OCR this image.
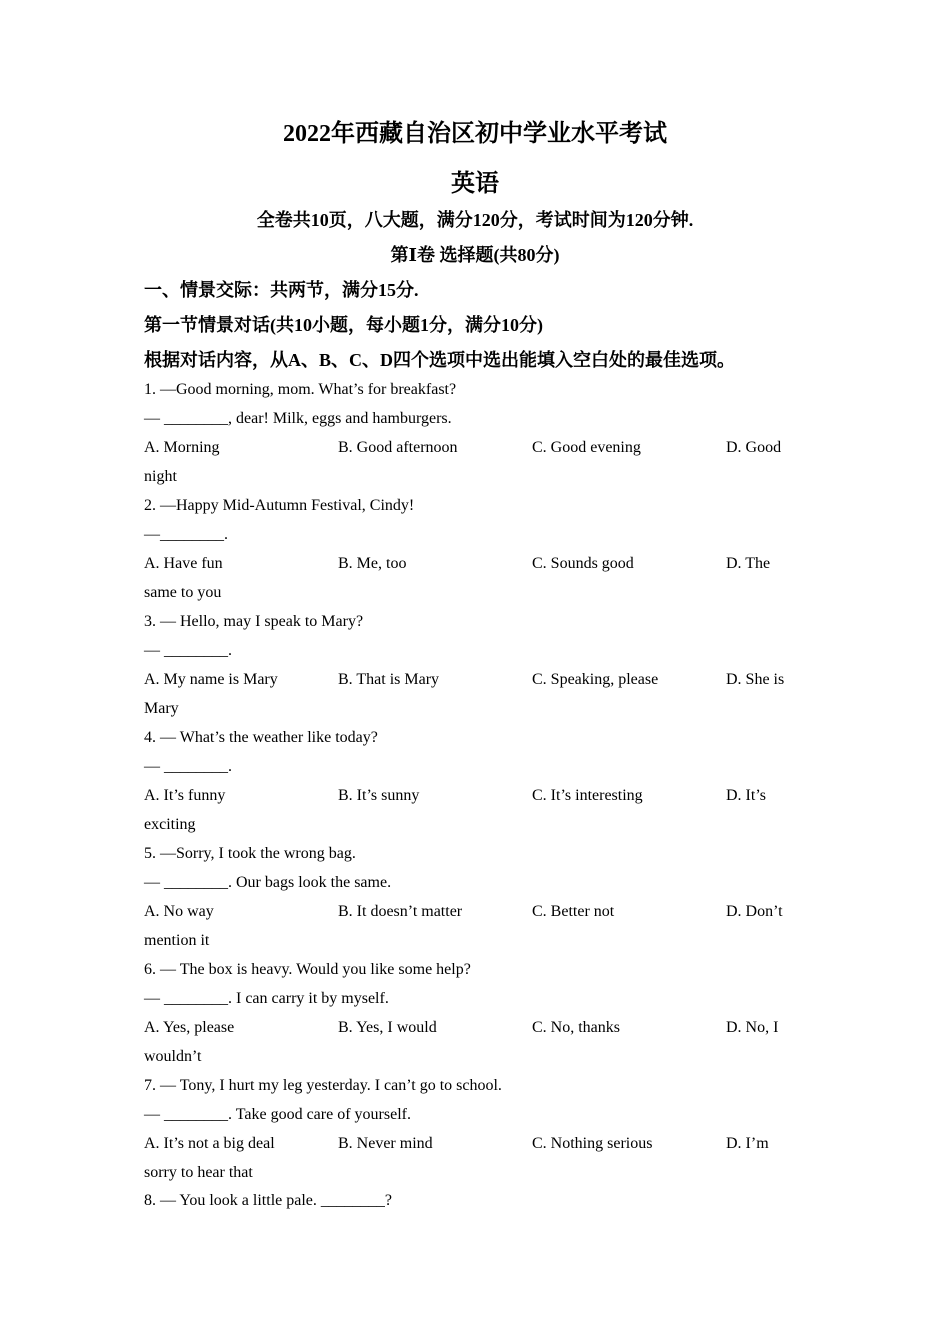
2022年西藏自治区初中学业水平考试
英语
全卷共10页，八大题，满分120分，考试时间为120分钟.
第Ⅰ卷 选择题(共80分)
一、情景交际：共两节，满分15分.
第一节情景对话(共10小题，每小题1分，满分10分)
根据对话内容，从A、B、C、D四个选项中选出能填入空白处的最佳选项。
1. —Good morning, mom. What’s for breakfast?
— ________, dear! Milk, eggs and hamburgers.
A. Morning	B. Good afternoon	C. Good evening	D. Good
night
2. —Happy Mid-Autumn Festival, Cindy!
—________.
A. Have fun	B. Me, too	C. Sounds good	D. The
same to you
3. — Hello, may I speak to Mary?
— ________.
A. My name is Mary	B. That is Mary	C. Speaking, please	D. She is
Mary
4. — What’s the weather like today?
— ________.
A. It’s funny	B. It’s sunny	C. It’s interesting	D. It’s
exciting
5. —Sorry, I took the wrong bag.
— ________. Our bags look the same.
A. No way	B. It doesn’t matter	C. Better not	D. Don’t
mention it
6. — The box is heavy. Would you like some help?
— ________. I can carry it by myself.
A. Yes, please	B. Yes, I would	C. No, thanks	D. No, I
wouldn’t
7. — Tony, I hurt my leg yesterday. I can’t go to school.
— ________. Take good care of yourself.
A. It’s not a big deal	B. Never mind	C. Nothing serious	D. I’m
sorry to hear that
8. — You look a little pale. ________?
